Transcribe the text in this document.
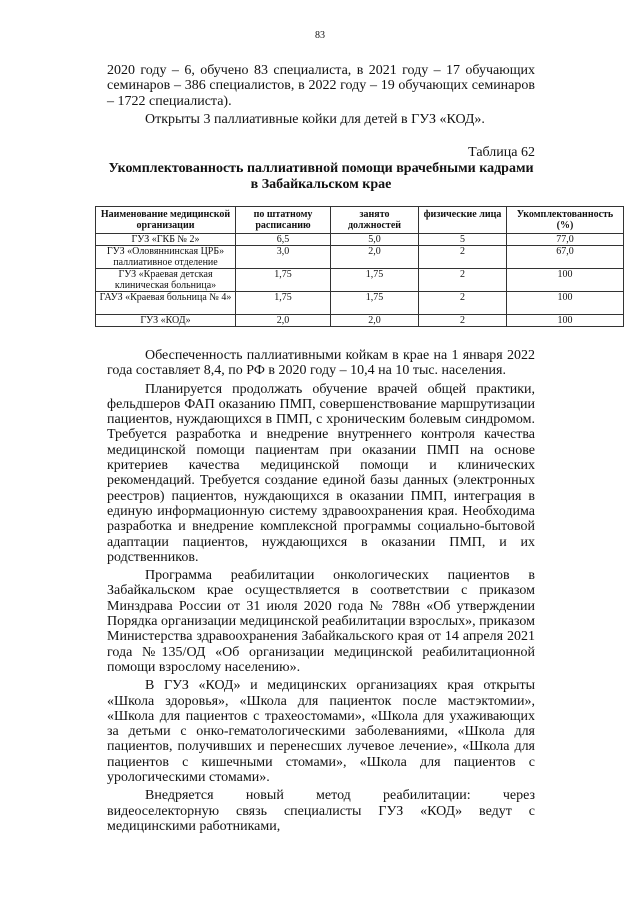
83

2020 году – 6, обучено 83 специалиста, в 2021 году – 17 обучающих семинаров – 386 специалистов, в 2022 году – 19 обучающих семинаров – 1722 специалиста).

Открыты 3 паллиативные койки для детей в ГУЗ «КОД».

Таблица 62
Укомплектованность паллиативной помощи врачебными кадрами в Забайкальском крае
Наименование медицинской организации	по штатному расписанию	занято должностей	физические лица	Укомплектованность (%)
ГУЗ «ГКБ № 2»	6,5	5,0	5	77,0
ГУЗ «Оловяннинская ЦРБ» паллиативное отделение	3,0	2,0	2	67,0
ГУЗ «Краевая детская клиническая больница»	1,75	1,75	2	100
ГАУЗ «Краевая больница № 4»	1,75	1,75	2	100
ГУЗ «КОД»	2,0	2,0	2	100

Обеспеченность паллиативными койкам в крае на 1 января 2022 года составляет 8,4, по РФ в 2020 году – 10,4 на 10 тыс. населения.

Планируется продолжать обучение врачей общей практики, фельдшеров ФАП оказанию ПМП, совершенствование маршрутизации пациентов, нуждающихся в ПМП, с хроническим болевым синдромом. Требуется разработка и внедрение внутреннего контроля качества медицинской помощи пациентам при оказании ПМП на основе критериев качества медицинской помощи и клинических рекомендаций. Требуется создание единой базы данных (электронных реестров) пациентов, нуждающихся в оказании ПМП, интеграция в единую информационную систему здравоохранения края. Необходима разработка и внедрение комплексной программы социально-бытовой адаптации пациентов, нуждающихся в оказании ПМП, и их родственников.

Программа реабилитации онкологических пациентов в Забайкальском крае осуществляется в соответствии с приказом Минздрава России от 31 июля 2020 года № 788н «Об утверждении Порядка организации медицинской реабилитации взрослых», приказом Министерства здравоохранения Забайкальского края от 14 апреля 2021 года №135/ОД «Об организации медицинской реабилитационной помощи взрослому населению».

В ГУЗ «КОД» и медицинских организациях края открыты «Школа здоровья», «Школа для пациенток после мастэктомии», «Школа для пациентов с трахеостомами», «Школа для ухаживающих за детьми с онко-гематологическими заболеваниями, «Школа для пациентов, получивших и перенесших лучевое лечение», «Школа для пациентов с кишечными стомами», «Школа для пациентов с урологическими стомами».

Внедряется новый метод реабилитации: через видеоселекторную связь специалисты ГУЗ «КОД» ведут с медицинскими работниками,
